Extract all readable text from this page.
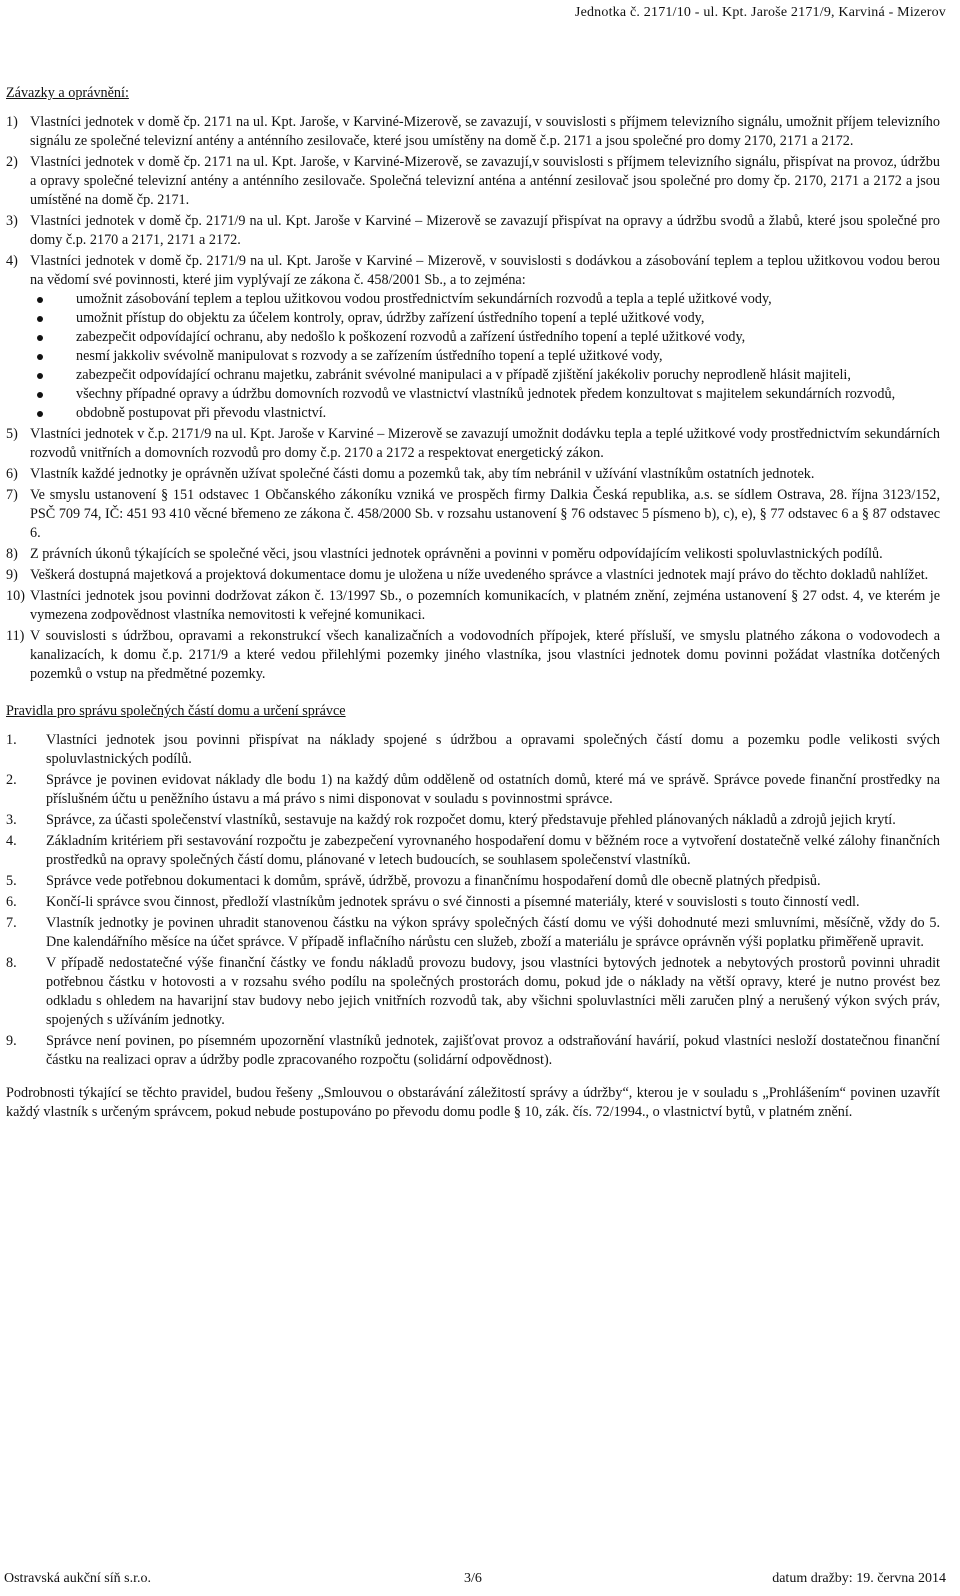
Jednotka č. 2171/10 - ul. Kpt. Jaroše 2171/9, Karviná - Mizerov

Závazky a oprávnění:

1) Vlastníci jednotek v domě čp. 2171 na ul. Kpt. Jaroše, v Karviné-Mizerově, se zavazují, v souvislosti s příjmem televizního signálu, umožnit příjem televizního signálu ze společné televizní antény a anténního zesilovače, které jsou umístěny na domě č.p. 2171 a jsou společné pro domy 2170, 2171 a 2172.
2) Vlastníci jednotek v domě čp. 2171 na ul. Kpt. Jaroše, v Karviné-Mizerově, se zavazují,v souvislosti s příjmem televizního signálu, přispívat na provoz, údržbu a opravy společné televizní antény a anténního zesilovače. Společná televizní anténa a anténní zesilovač jsou společné pro domy čp. 2170, 2171 a 2172 a jsou umístěné na domě čp. 2171.
3) Vlastníci jednotek v domě čp. 2171/9 na ul. Kpt. Jaroše v Karviné – Mizerově se zavazují přispívat na opravy a údržbu svodů a žlabů, které jsou společné pro domy č.p. 2170 a 2171, 2171 a 2172.
4) Vlastníci jednotek v domě čp. 2171/9 na ul. Kpt. Jaroše v Karviné – Mizerově, v souvislosti s dodávkou a zásobování teplem a teplou užitkovou vodou berou na vědomí své povinnosti, které jim vyplývají ze zákona č. 458/2001 Sb., a to zejména:
umožnit zásobování teplem a teplou užitkovou vodou prostřednictvím sekundárních rozvodů a tepla a teplé užitkové vody,
umožnit přístup do objektu za účelem kontroly, oprav, údržby zařízení ústředního topení a teplé užitkové vody,
zabezpečit odpovídající ochranu, aby nedošlo k poškození rozvodů a zařízení ústředního topení a teplé užitkové vody,
nesmí jakkoliv svévolně manipulovat s rozvody a se zařízením ústředního topení a teplé užitkové vody,
zabezpečit odpovídající ochranu majetku, zabránit svévolné manipulaci a v případě zjištění jakékoliv poruchy neprodleně hlásit majiteli,
všechny případné opravy a údržbu domovních rozvodů ve vlastnictví vlastníků jednotek předem konzultovat s majitelem sekundárních rozvodů,
obdobně postupovat při převodu vlastnictví.
5) Vlastníci jednotek v č.p. 2171/9 na ul. Kpt. Jaroše v Karviné – Mizerově se zavazují umožnit dodávku tepla a teplé užitkové vody prostřednictvím sekundárních rozvodů vnitřních a domovních rozvodů pro domy č.p. 2170 a 2172 a respektovat energetický zákon.
6) Vlastník každé jednotky je oprávněn užívat společné části domu a pozemků tak, aby tím nebránil v užívání vlastníkům ostatních jednotek.
7) Ve smyslu ustanovení § 151 odstavec 1 Občanského zákoníku vzniká ve prospěch firmy Dalkia Česká republika, a.s. se sídlem Ostrava, 28. října 3123/152, PSČ 709 74, IČ: 451 93 410 věcné břemeno ze zákona č. 458/2000 Sb. v rozsahu ustanovení § 76 odstavec 5 písmeno b), c), e), § 77 odstavec 6 a § 87 odstavec 6.
8) Z právních úkonů týkajících se společné věci, jsou vlastníci jednotek oprávněni a povinni v poměru odpovídajícím velikosti spoluvlastnických podílů.
9) Veškerá dostupná majetková a projektová dokumentace domu je uložena u níže uvedeného správce a vlastníci jednotek mají právo do těchto dokladů nahlížet.
10) Vlastníci jednotek jsou povinni dodržovat zákon č. 13/1997 Sb., o pozemních komunikacích, v platném znění, zejména ustanovení § 27 odst. 4, ve kterém je vymezena zodpovědnost vlastníka nemovitosti k veřejné komunikaci.
11) V souvislosti s údržbou, opravami a rekonstrukcí všech kanalizačních a vodovodních přípojek, které přísluší, ve smyslu platného zákona o vodovodech a kanalizacích, k domu č.p. 2171/9 a které vedou přilehlými pozemky jiného vlastníka, jsou vlastníci jednotek domu povinni požádat vlastníka dotčených pozemků o vstup na předmětné pozemky.

Pravidla pro správu společných částí domu a určení správce

1. Vlastníci jednotek jsou povinni přispívat na náklady spojené s údržbou a opravami společných částí domu a pozemku podle velikosti svých spoluvlastnických podílů.
2. Správce je povinen evidovat náklady dle bodu 1) na každý dům odděleně od ostatních domů, které má ve správě. Správce povede finanční prostředky na příslušném účtu u peněžního ústavu a má právo s nimi disponovat v souladu s povinnostmi správce.
3. Správce, za účasti společenství vlastníků, sestavuje na každý rok rozpočet domu, který představuje přehled plánovaných nákladů a zdrojů jejich krytí.
4. Základním kritériem při sestavování rozpočtu je zabezpečení vyrovnaného hospodaření domu v běžném roce a vytvoření dostatečně velké zálohy finančních prostředků na opravy společných částí domu, plánované v letech budoucích, se souhlasem společenství vlastníků.
5. Správce vede potřebnou dokumentaci k domům, správě, údržbě, provozu a finančnímu hospodaření domů dle obecně platných předpisů.
6. Končí-li správce svou činnost, předloží vlastníkům jednotek správu o své činnosti a písemné materiály, které v souvislosti s touto činností vedl.
7. Vlastník jednotky je povinen uhradit stanovenou částku na výkon správy společných částí domu ve výši dohodnuté mezi smluvními, měsíčně, vždy do 5. Dne kalendářního měsíce na účet správce. V případě inflačního nárůstu cen služeb, zboží a materiálu je správce oprávněn výši poplatku přiměřeně upravit.
8. V případě nedostatečné výše finanční částky ve fondu nákladů provozu budovy, jsou vlastníci bytových jednotek a nebytových prostorů povinni uhradit potřebnou částku v hotovosti a v rozsahu svého podílu na společných prostorách domu, pokud jde o náklady na větší opravy, které je nutno provést bez odkladu s ohledem na havarijní stav budovy nebo jejich vnitřních rozvodů tak, aby všichni spoluvlastníci měli zaručen plný a nerušený výkon svých práv, spojených s užíváním jednotky.
9. Správce není povinen, po písemném upozornění vlastníků jednotek, zajišťovat provoz a odstraňování havárií, pokud vlastníci nesloží dostatečnou finanční částku na realizaci oprav a údržby podle zpracovaného rozpočtu (solidární odpovědnost).

Podrobnosti týkající se těchto pravidel, budou řešeny „Smlouvou o obstarávání záležitostí správy a údržby“, kterou je v souladu s „Prohlášením“ povinen uzavřít každý vlastník s určeným správcem, pokud nebude postupováno po převodu domu podle § 10, zák. čís. 72/1994., o vlastnictví bytů, v platném znění.

Ostravská aukční síň s.r.o.	3/6	datum dražby: 19. června 2014
